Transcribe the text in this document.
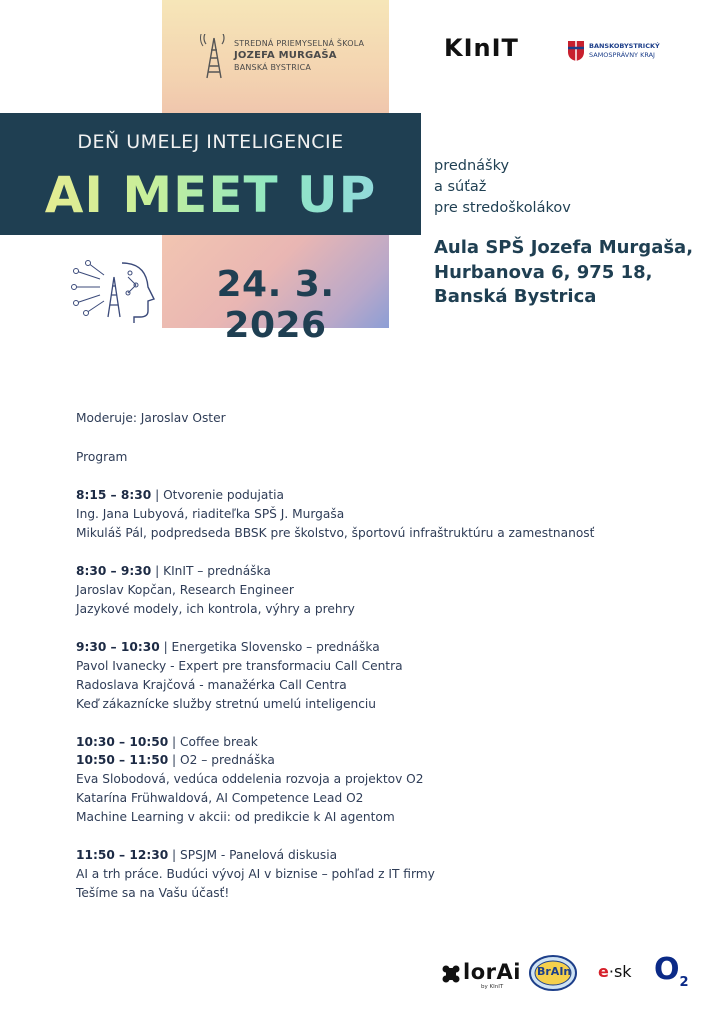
STREDNÁ PRIEMYSELNÁ ŠKOLA
JOZEFA MURGAŠA
BANSKÁ BYSTRICA
KInIT	BANSKOBYSTRICKÝ
SAMOSPRÁVNY KRAJ
DEŇ UMELEJ INTELIGENCIE
AI MEET UP
24. 3. 2026
prednášky
a súťaž
pre stredoškolákov
Aula SPŠ Jozefa Murgaša,
Hurbanova 6, 975 18,
Banská Bystrica
Moderuje: Jaroslav Oster
Program
8:15 – 8:30 | Otvorenie podujatia
Ing. Jana Lubyová, riaditeľka SPŠ J. Murgaša
Mikuláš Pál, podpredseda BBSK pre školstvo, športovú infraštruktúru a zamestnanosť
8:30 – 9:30 | KInIT – prednáška
Jaroslav Kopčan, Research Engineer
Jazykové modely, ich kontrola, výhry a prehry
9:30 – 10:30 | Energetika Slovensko – prednáška
Pavol Ivanecky - Expert pre transformaciu Call Centra
Radoslava Krajčová - manažérka Call Centra
Keď zákaznícke služby stretnú umelú inteligenciu
10:30 – 10:50 | Coffee break
10:50 – 11:50 | O2 – prednáška
Eva Slobodová, vedúca oddelenia rozvoja a projektov O2
Katarína Frühwaldová, AI Competence Lead O2
Machine Learning v akcii: od predikcie k AI agentom
11:50 – 12:30 | SPSJM - Panelová diskusia
AI a trh práce. Budúci vývoj AI v biznise – pohľad z IT firmy
Tešíme sa na Vašu účasť!
lorAi
by KInIT
BrAIn e·sk $O_2$
